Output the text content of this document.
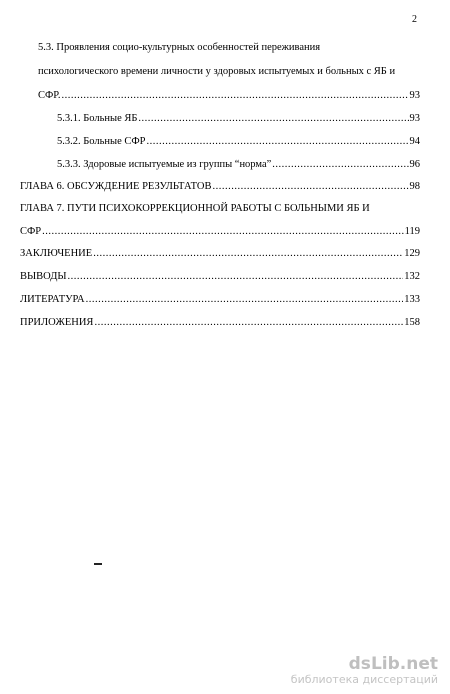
2
5.3. Проявления социо-культурных особенностей переживания
психологического времени личности у здоровых испытуемых и больных с ЯБ и
СФР. .....	93
5.3.1. Больные ЯБ .....	93
5.3.2. Больные СФР .....	94
5.3.3. Здоровые испытуемые из группы “норма” .....	96
ГЛАВА 6. ОБСУЖДЕНИЕ РЕЗУЛЬТАТОВ .....	98
ГЛАВА 7. ПУТИ ПСИХОКОРРЕКЦИОННОЙ РАБОТЫ С БОЛЬНЫМИ ЯБ И
СФР .....	119
ЗАКЛЮЧЕНИЕ .....	129
ВЫВОДЫ .....	132
ЛИТЕРАТУРА .....	133
ПРИЛОЖЕНИЯ .....	158
dsLib.net
библиотека диссертаций
